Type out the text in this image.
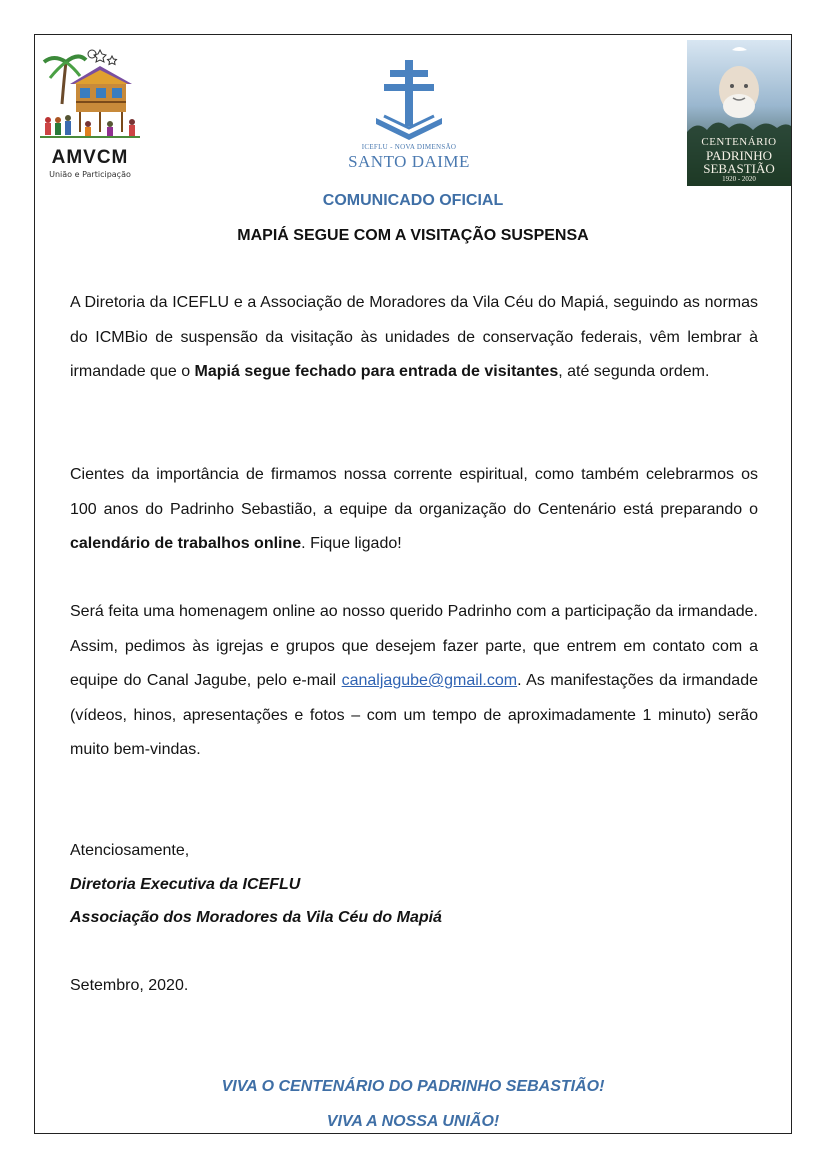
AMVCM
União e Participação
ICEFLU - NOVA DIMENSÃO
SANTO DAIME
CENTENÁRIO
PADRINHO
SEBASTIÃO
1920 - 2020
COMUNICADO OFICIAL
MAPIÁ SEGUE COM A VISITAÇÃO SUSPENSA
A Diretoria da ICEFLU e a Associação de Moradores da Vila Céu do Mapiá, seguindo as normas do ICMBio de suspensão da visitação às unidades de conservação federais, vêm lembrar à irmandade que o Mapiá segue fechado para entrada de visitantes, até segunda ordem.
Cientes da importância de firmamos nossa corrente espiritual, como também celebrarmos os 100 anos do Padrinho Sebastião, a equipe da organização do Centenário está preparando o calendário de trabalhos online. Fique ligado!
Será feita uma homenagem online ao nosso querido Padrinho com a participação da irmandade. Assim, pedimos às igrejas e grupos que desejem fazer parte, que entrem em contato com a equipe do Canal Jagube, pelo e-mail canaljagube@gmail.com. As manifestações da irmandade (vídeos, hinos, apresentações e fotos – com um tempo de aproximadamente 1 minuto) serão muito bem-vindas.
Atenciosamente,
Diretoria Executiva da ICEFLU
Associação dos Moradores da Vila Céu do Mapiá
Setembro, 2020.
VIVA O CENTENÁRIO DO PADRINHO SEBASTIÃO!
VIVA A NOSSA UNIÃO!
